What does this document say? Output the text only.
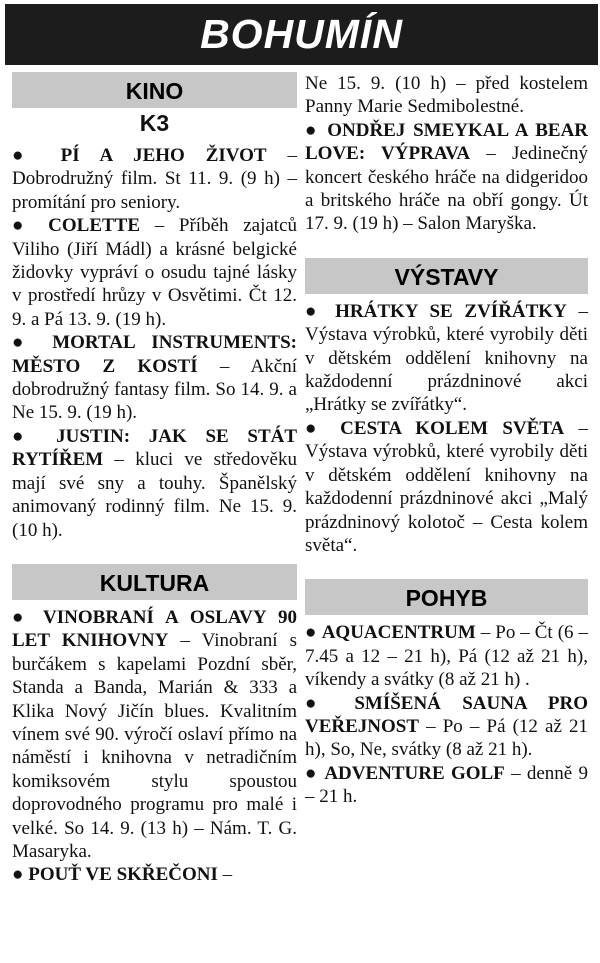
BOHUMÍN
KINO
K3

● PÍ A JEHO ŽIVOT – Dobrodružný film. St 11. 9. (9 h) – promítání pro seniory.

● COLETTE – Příběh zajatců Viliho (Jiří Mádl) a krásné belgické židovky vypráví o osudu tajné lásky v prostředí hrůzy v Osvětimi. Čt 12. 9. a Pá 13. 9. (19 h).

● MORTAL INSTRUMENTS: MĚSTO Z KOSTÍ – Akční dobrodružný fantasy film. So 14. 9. a Ne 15. 9. (19 h).

● JUSTIN: JAK SE STÁT RYTÍŘEM – kluci ve středověku mají své sny a touhy. Španělský animovaný rodinný film. Ne 15. 9. (10 h).

KULTURA

● VINOBRANÍ A OSLAVY 90 LET KNIHOVNY – Vinobraní s burčákem s kapelami Pozdní sběr, Standa a Banda, Marián & 333 a Klika Nový Jičín blues. Kvalitním vínem své 90. výročí oslaví přímo na náměstí i knihovna v netradičním komiksovém stylu spoustou doprovodného programu pro malé i velké. So 14. 9. (13 h) – Nám. T. G. Masaryka.

● POUŤ VE SKŘEČONI –

Ne 15. 9. (10 h) – před kostelem Panny Marie Sedmibolestné.

● ONDŘEJ SMEYKAL A BEAR LOVE: VÝPRAVA – Jedinečný koncert českého hráče na didgeridoo a britského hráče na obří gongy. Út 17. 9. (19 h) – Salon Maryška.

VÝSTAVY

● HRÁTKY SE ZVÍŘÁTKY – Výstava výrobků, které vyrobily děti v dětském oddělení knihovny na každodenní prázdninové akci „Hrátky se zvířátky“.

● CESTA KOLEM SVĚTA – Výstava výrobků, které vyrobily děti v dětském oddělení knihovny na každodenní prázdninové akci „Malý prázdninový kolotoč – Cesta kolem světa“.

POHYB

● AQUACENTRUM – Po – Čt (6 – 7.45 a 12 – 21 h), Pá (12 až 21 h), víkendy a svátky (8 až 21 h) .

● SMÍŠENÁ SAUNA PRO VEŘEJNOST – Po – Pá (12 až 21 h), So, Ne, svátky (8 až 21 h).

● ADVENTURE GOLF – denně 9 – 21 h.
